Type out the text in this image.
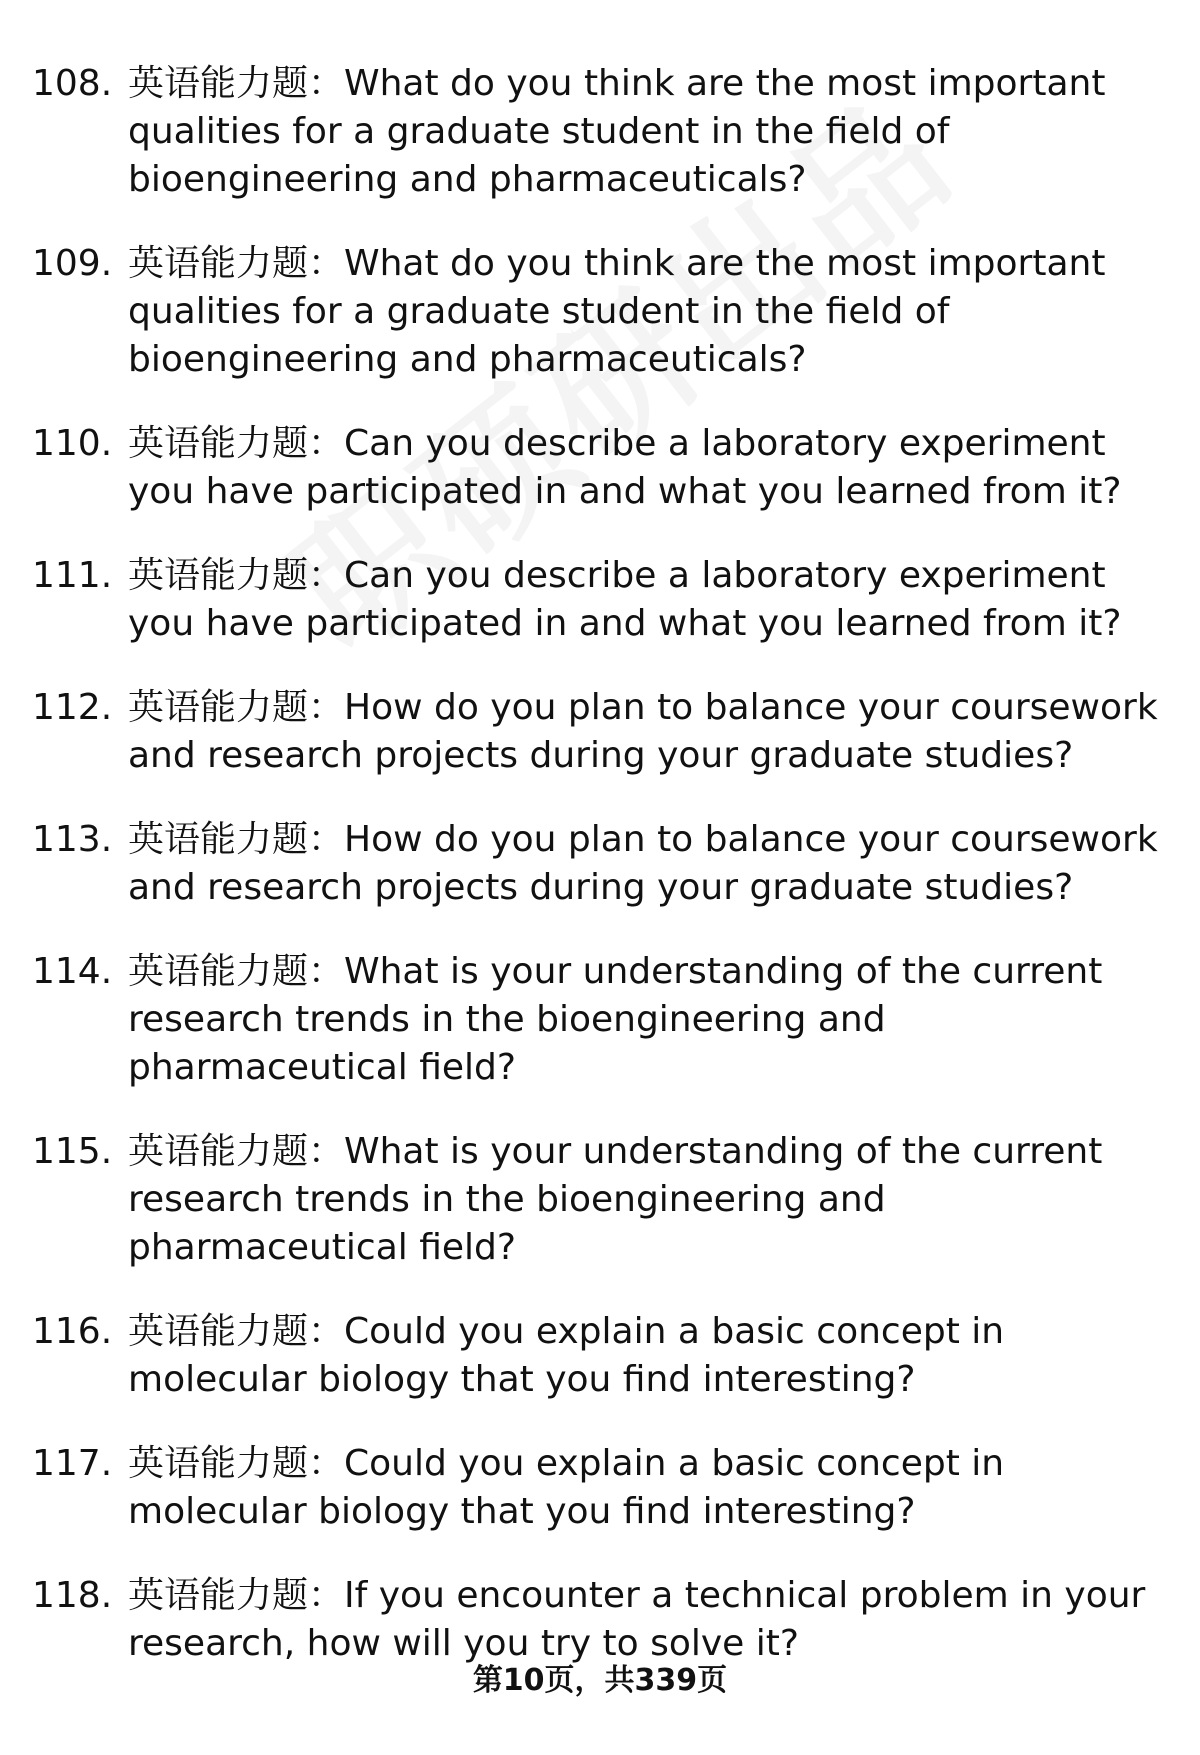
108. 英语能力题：What do you think are the most important qualities for a graduate student in the field of bioengineering and pharmaceuticals?
109. 英语能力题：What do you think are the most important qualities for a graduate student in the field of bioengineering and pharmaceuticals?
110. 英语能力题：Can you describe a laboratory experiment you have participated in and what you learned from it?
111. 英语能力题：Can you describe a laboratory experiment you have participated in and what you learned from it?
112. 英语能力题：How do you plan to balance your coursework and research projects during your graduate studies?
113. 英语能力题：How do you plan to balance your coursework and research projects during your graduate studies?
114. 英语能力题：What is your understanding of the current research trends in the bioengineering and pharmaceutical field?
115. 英语能力题：What is your understanding of the current research trends in the bioengineering and pharmaceutical field?
116. 英语能力题：Could you explain a basic concept in molecular biology that you find interesting?
117. 英语能力题：Could you explain a basic concept in molecular biology that you find interesting?
118. 英语能力题：If you encounter a technical problem in your research, how will you try to solve it?
第10页，共339页
